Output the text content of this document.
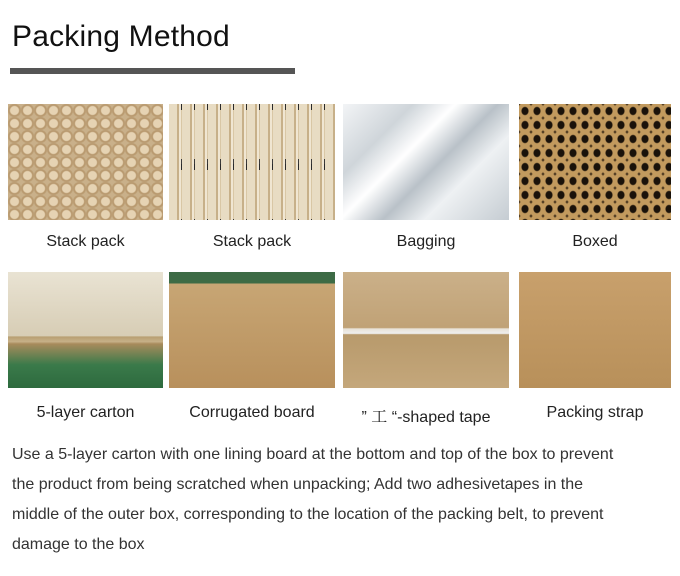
Packing Method
Stack pack	Stack pack	Bagging	Boxed
5-layer carton	Corrugated board	” 工 “-shaped tape	Packing strap
Use a 5-layer carton with one lining board at the bottom and top of the box to prevent
the product from being scratched when unpacking; Add two adhesivetapes in the
middle of the outer box, corresponding to the location of the packing belt, to prevent
damage to the box
